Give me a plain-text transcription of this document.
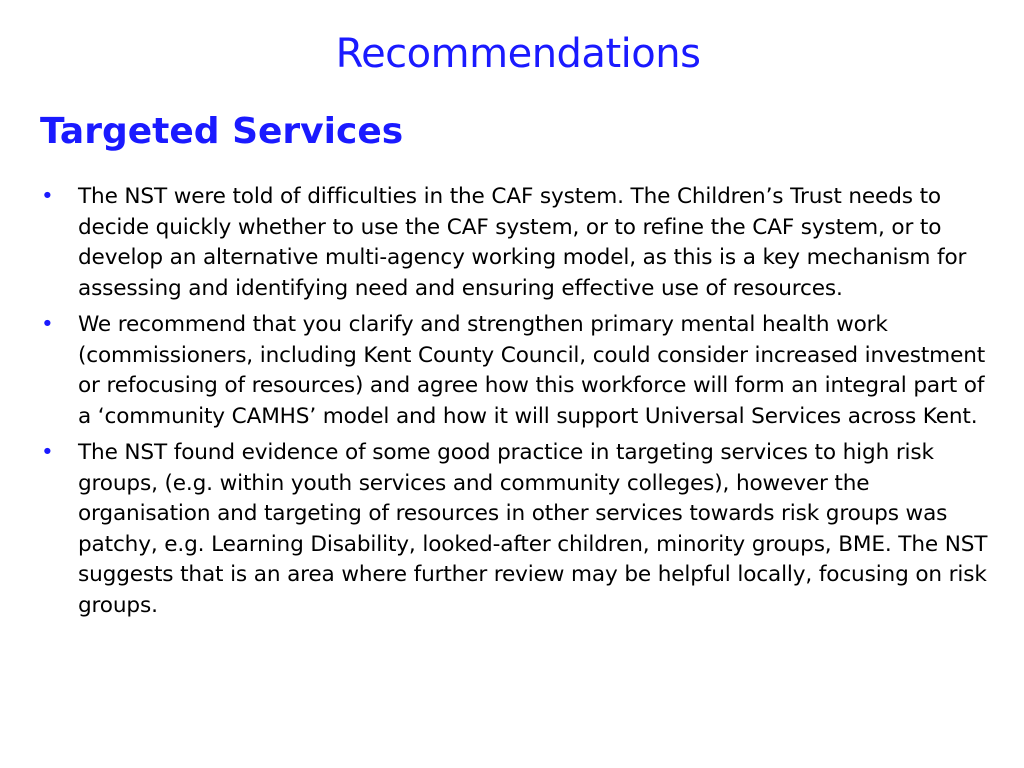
Recommendations
Targeted Services
• The NST were told of difficulties in the CAF system. The Children’s Trust needs to decide quickly whether to use the CAF system, or to refine the CAF system, or to develop an alternative multi-agency working model, as this is a key mechanism for assessing and identifying need and ensuring effective use of resources.
• We recommend that you clarify and strengthen primary mental health work (commissioners, including Kent County Council, could consider increased investment or refocusing of resources) and agree how this workforce will form an integral part of a ‘community CAMHS’ model and how it will support Universal Services across Kent.
• The NST found evidence of some good practice in targeting services to high risk groups, (e.g. within youth services and community colleges), however the organisation and targeting of resources in other services towards risk groups was patchy, e.g. Learning Disability, looked-after children, minority groups, BME. The NST suggests that is an area where further review may be helpful locally, focusing on risk groups.
